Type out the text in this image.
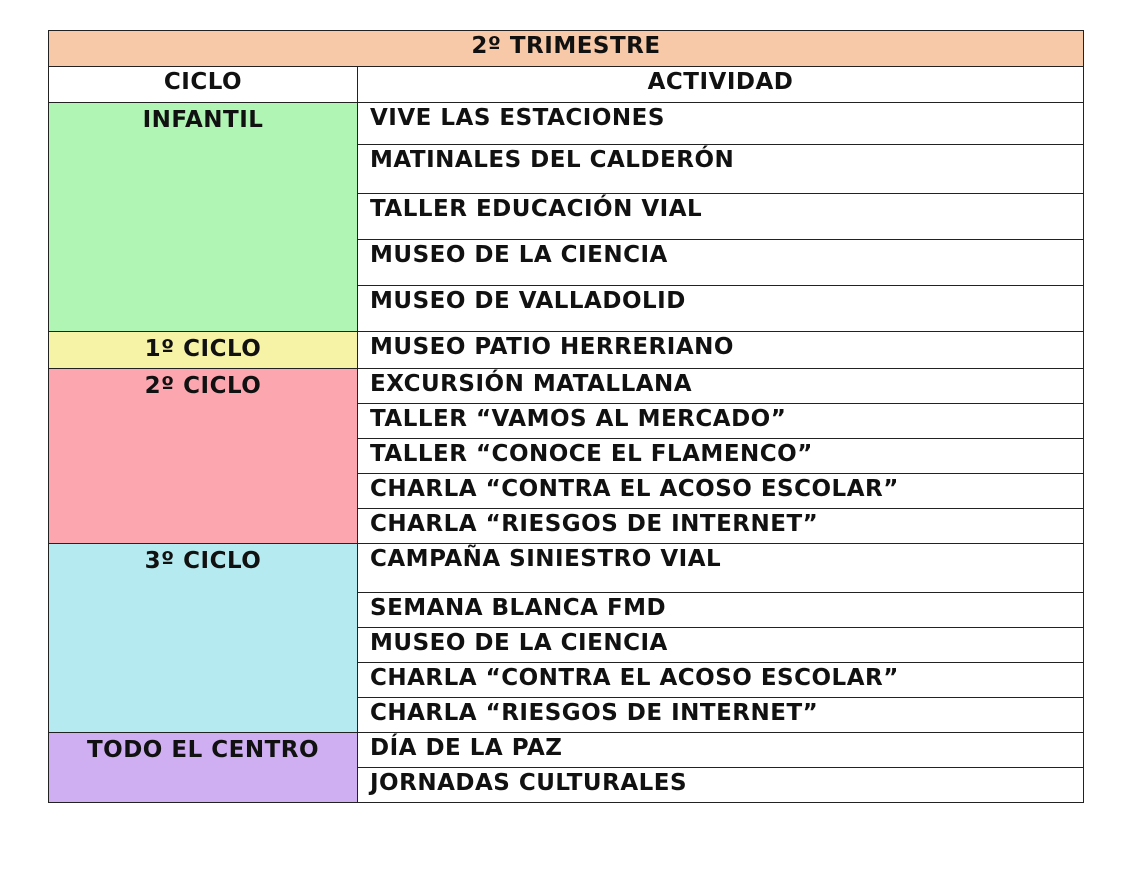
2º TRIMESTRE	
CICLO	ACTIVIDAD
INFANTIL	VIVE LAS ESTACIONES
	MATINALES DEL CALDERÓN
	TALLER EDUCACIÓN VIAL
	MUSEO DE LA CIENCIA
	MUSEO DE VALLADOLID
1º CICLO	MUSEO PATIO HERRERIANO
2º CICLO	EXCURSIÓN MATALLANA
	TALLER “VAMOS AL MERCADO”
	TALLER “CONOCE EL FLAMENCO”
	CHARLA “CONTRA EL ACOSO ESCOLAR”
	CHARLA “RIESGOS DE INTERNET”
3º CICLO	CAMPAÑA SINIESTRO VIAL
	SEMANA BLANCA FMD
	MUSEO DE LA CIENCIA
	CHARLA “CONTRA EL ACOSO ESCOLAR”
	CHARLA “RIESGOS DE INTERNET”
TODO EL CENTRO	DÍA DE LA PAZ
	JORNADAS CULTURALES
